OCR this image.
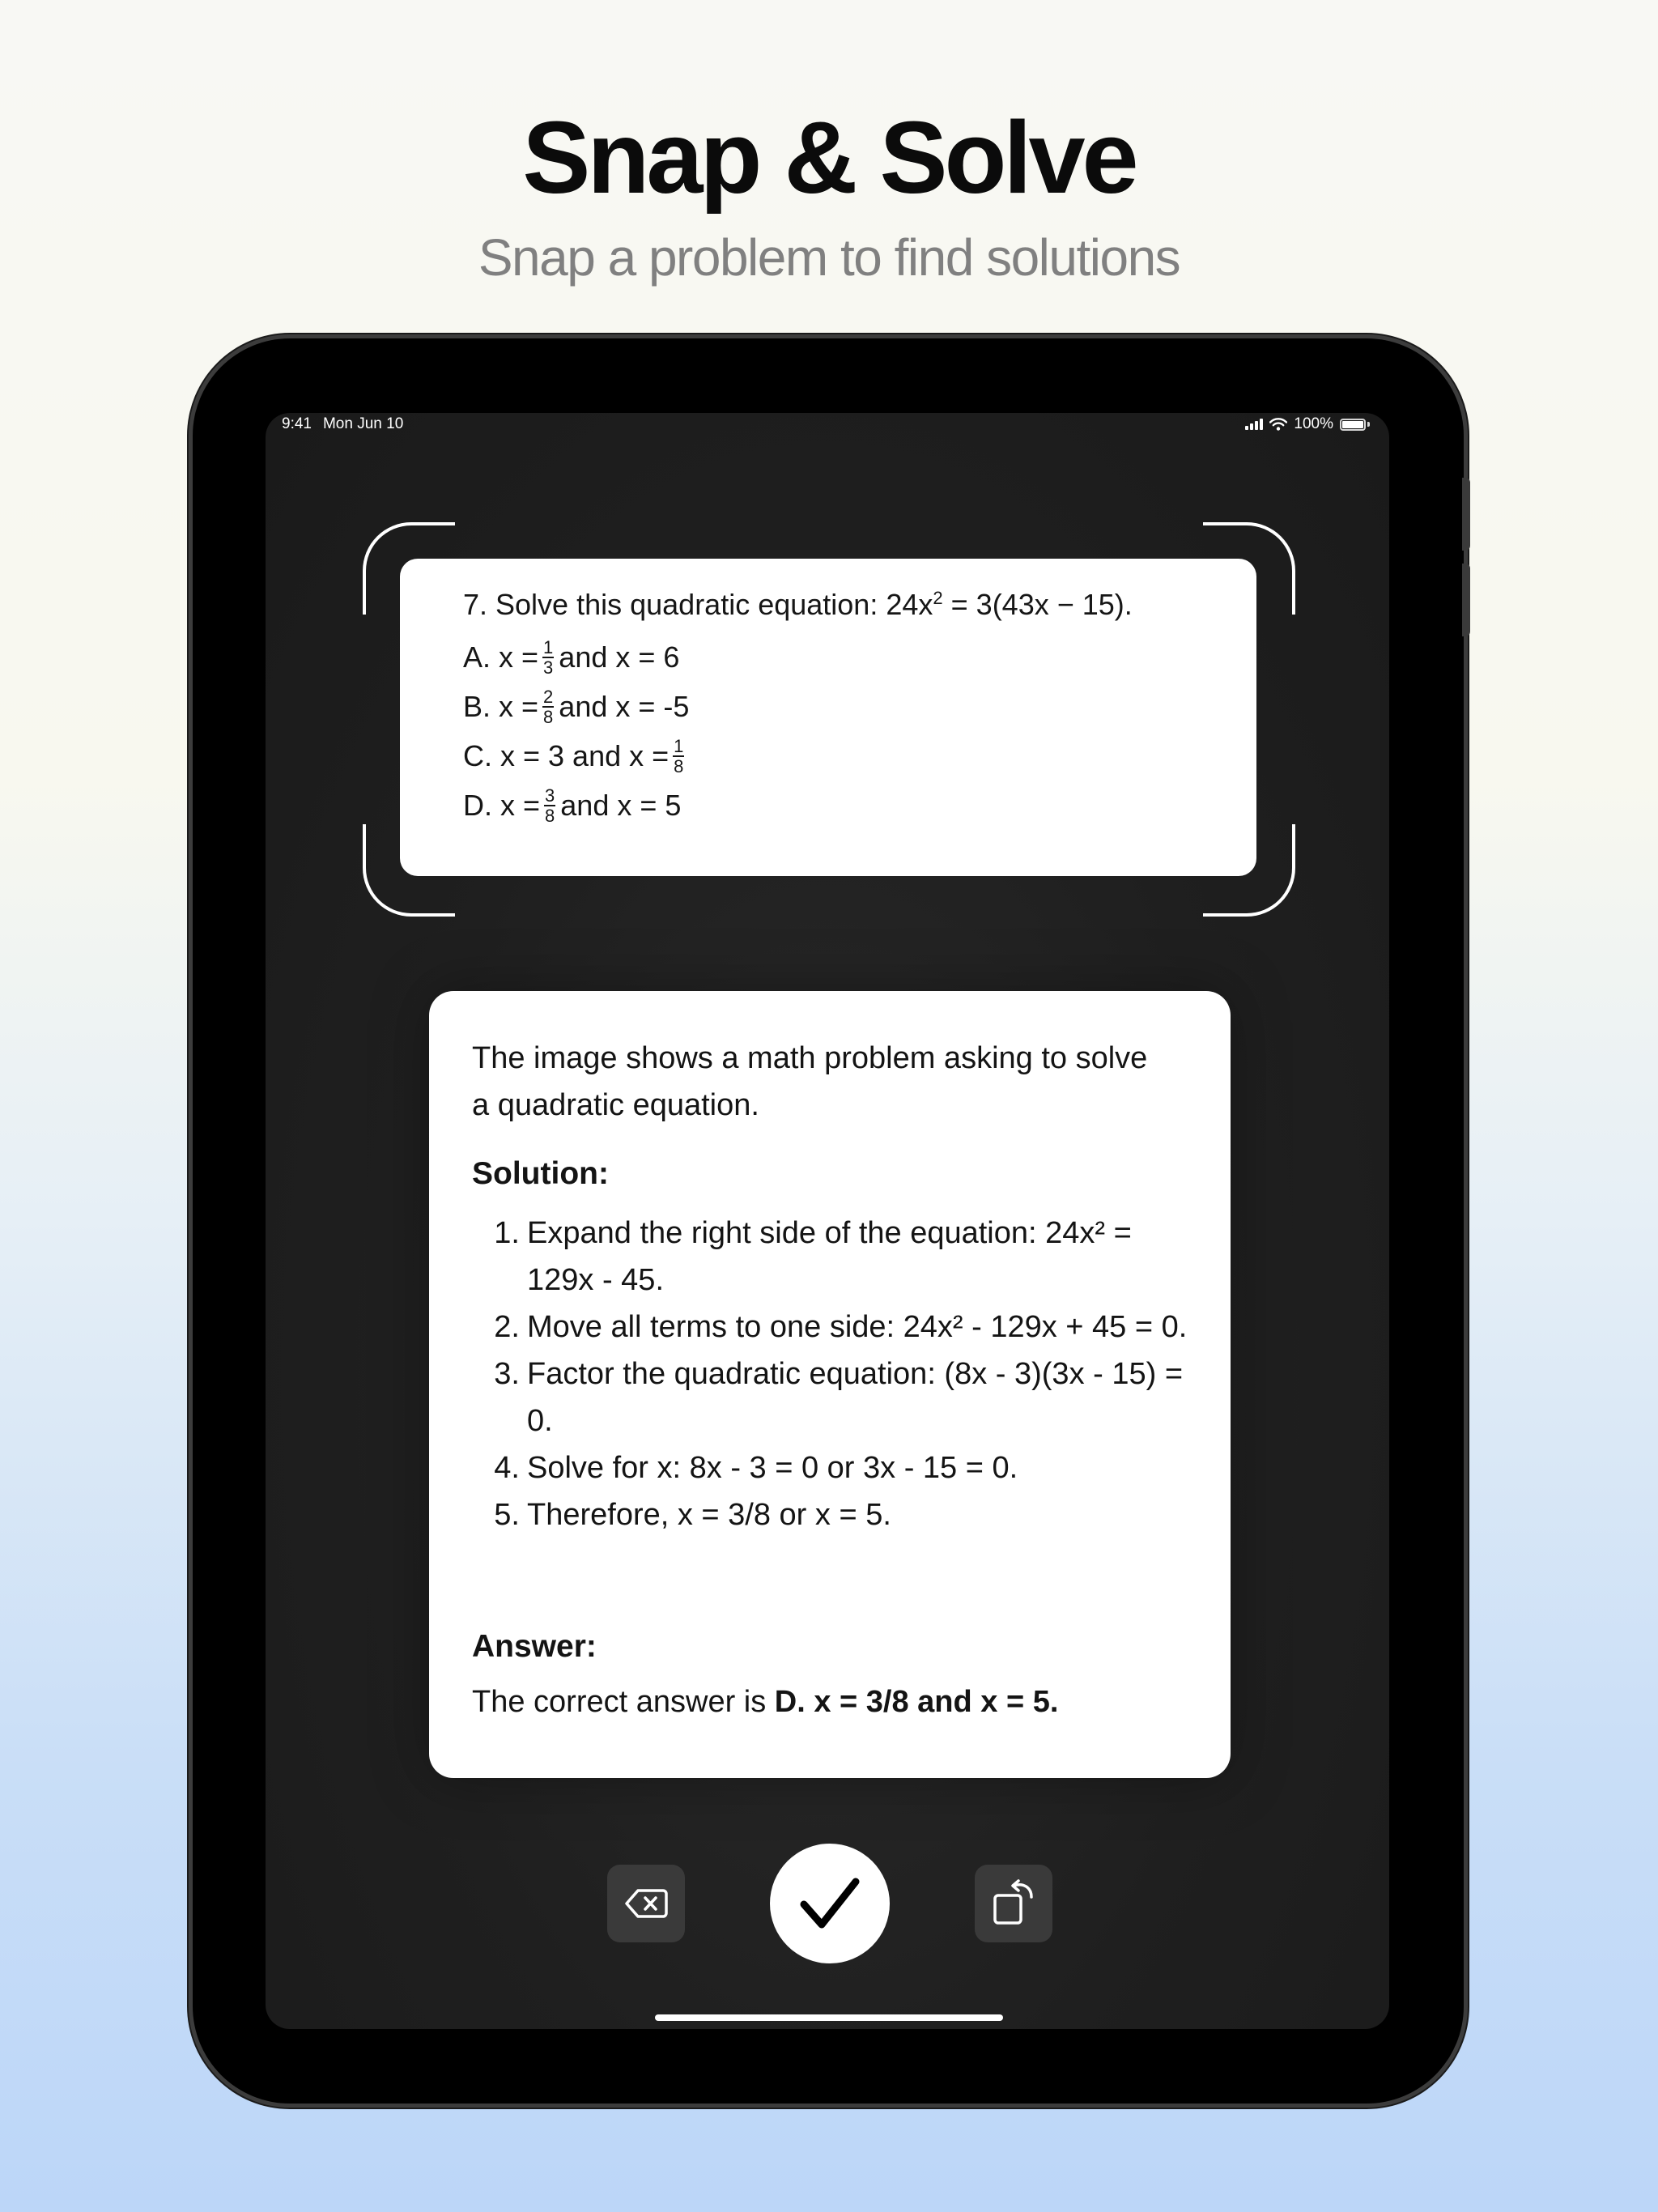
Snap & Solve
Snap a problem to find solutions
9:41 Mon Jun 10	100%
7. Solve this quadratic equation: $24x^2 = 3(43x - 15)$.
A. $x = \frac{1}{3}$ and x = 6
B. $x = \frac{2}{8}$ and x = -5
C. x = 3 and $x = \frac{1}{8}$
D. $x = \frac{3}{8}$ and x = 5
The image shows a math problem asking to solve a quadratic equation.
Solution:
1. Expand the right side of the equation: 24x² = 129x - 45.
2. Move all terms to one side: 24x² - 129x + 45 = 0.
3. Factor the quadratic equation: (8x - 3)(3x - 15) = 0.
4. Solve for x: 8x - 3 = 0 or 3x - 15 = 0.
5. Therefore, x = 3/8 or x = 5.
Answer:
The correct answer is D. x = 3/8 and x = 5.
